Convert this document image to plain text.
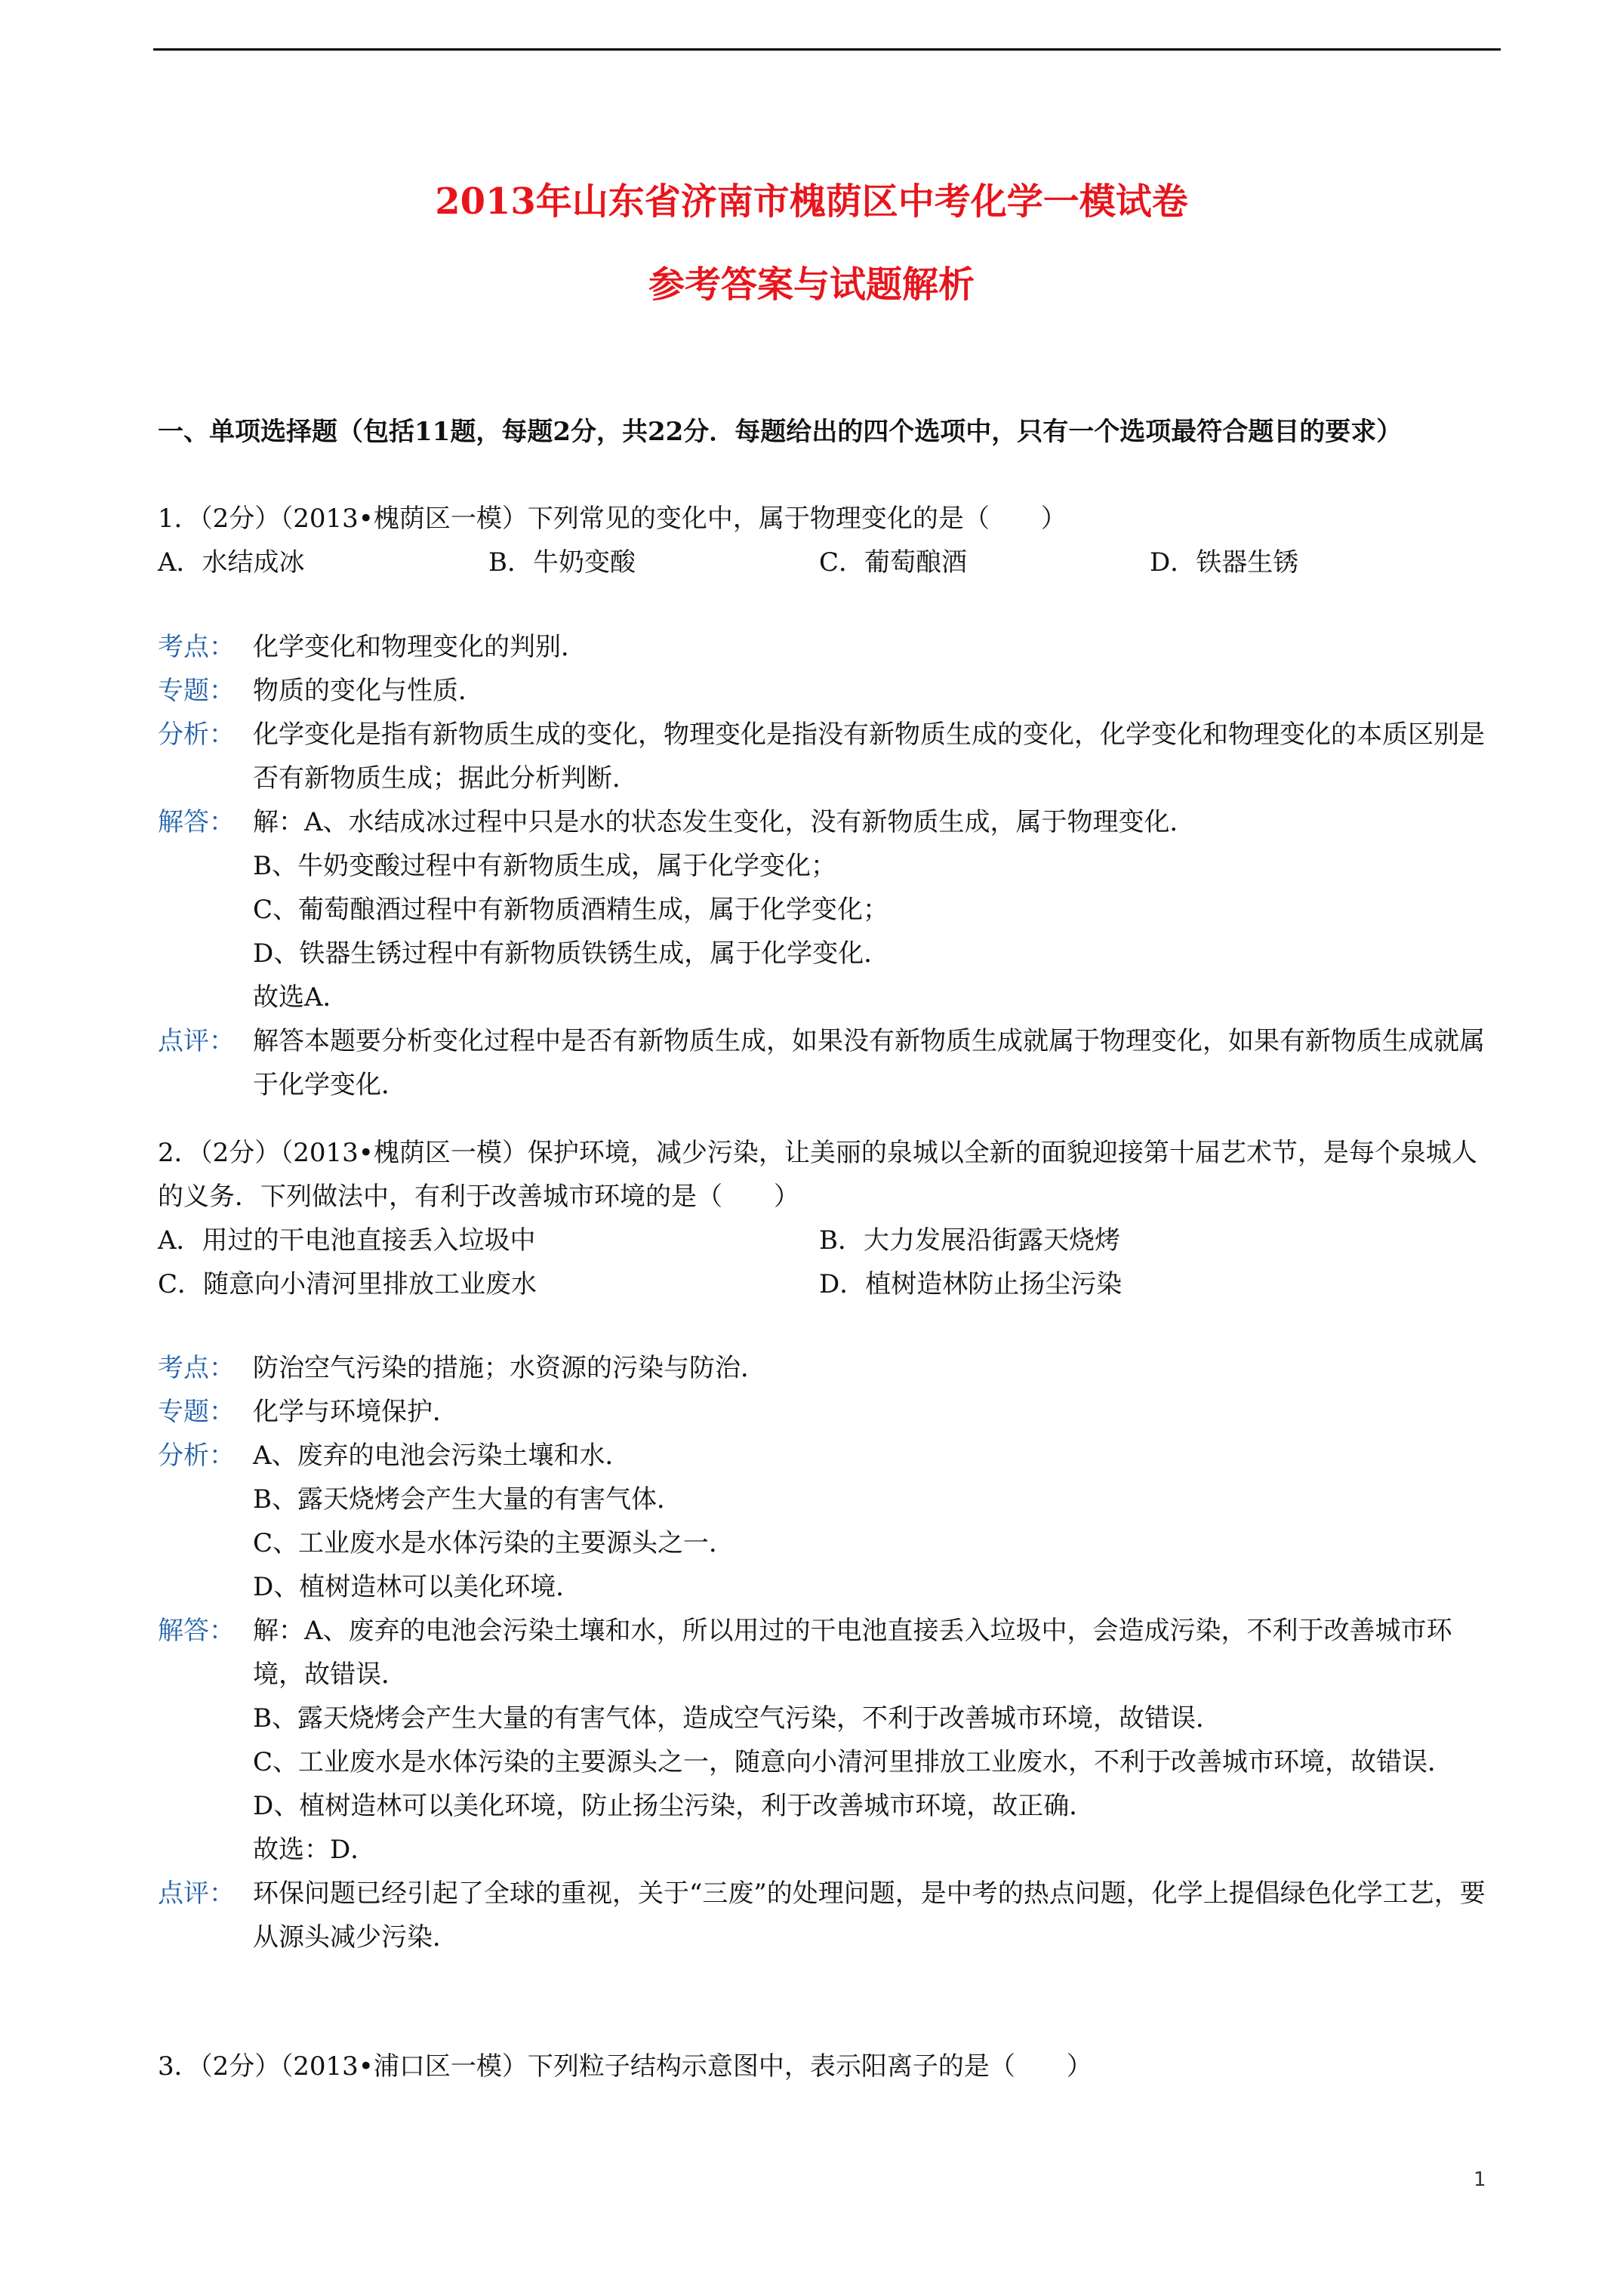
2013年山东省济南市槐荫区中考化学一模试卷
参考答案与试题解析
一、单项选择题（包括11题，每题2分，共22分．每题给出的四个选项中，只有一个选项最符合题目的要求）
1．（2分）（2013•槐荫区一模）下列常见的变化中，属于物理变化的是（　　）
A．水结成冰	B．牛奶变酸	C．葡萄酿酒	D．铁器生锈
考点： 化学变化和物理变化的判别．
专题： 物质的变化与性质．
分析： 化学变化是指有新物质生成的变化，物理变化是指没有新物质生成的变化，化学变化和物理变化的本质区别是否有新物质生成；据此分析判断．
解答： 解：A、水结成冰过程中只是水的状态发生变化，没有新物质生成，属于物理变化．
B、牛奶变酸过程中有新物质生成，属于化学变化；
C、葡萄酿酒过程中有新物质酒精生成，属于化学变化；
D、铁器生锈过程中有新物质铁锈生成，属于化学变化．
故选A．
点评： 解答本题要分析变化过程中是否有新物质生成，如果没有新物质生成就属于物理变化，如果有新物质生成就属于化学变化．
2．（2分）（2013•槐荫区一模）保护环境，减少污染，让美丽的泉城以全新的面貌迎接第十届艺术节，是每个泉城人的义务．下列做法中，有利于改善城市环境的是（　　）
A．用过的干电池直接丢入垃圾中	B．大力发展沿街露天烧烤
C．随意向小清河里排放工业废水	D．植树造林防止扬尘污染
考点： 防治空气污染的措施；水资源的污染与防治．
专题： 化学与环境保护．
分析： A、废弃的电池会污染土壤和水．
B、露天烧烤会产生大量的有害气体．
C、工业废水是水体污染的主要源头之一．
D、植树造林可以美化环境．
解答： 解：A、废弃的电池会污染土壤和水，所以用过的干电池直接丢入垃圾中，会造成污染，不利于改善城市环境，故错误．
B、露天烧烤会产生大量的有害气体，造成空气污染，不利于改善城市环境，故错误．
C、工业废水是水体污染的主要源头之一，随意向小清河里排放工业废水，不利于改善城市环境，故错误．
D、植树造林可以美化环境，防止扬尘污染，利于改善城市环境，故正确．
故选：D．
点评： 环保问题已经引起了全球的重视，关于“三废”的处理问题，是中考的热点问题，化学上提倡绿色化学工艺，要从源头减少污染．
3．（2分）（2013•浦口区一模）下列粒子结构示意图中，表示阳离子的是（　　）
1
